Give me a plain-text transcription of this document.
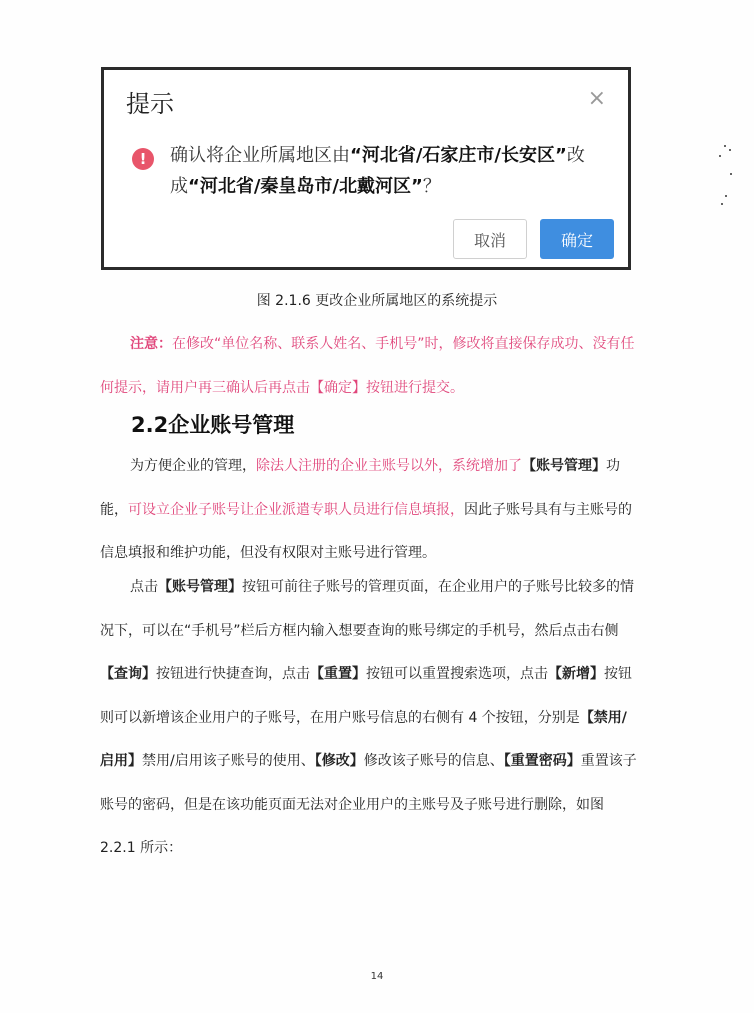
提示	×
!	确认将企业所属地区由“河北省/石家庄市/长安区”改成“河北省/秦皇岛市/北戴河区”？
取消	确定
图 2.1.6 更改企业所属地区的系统提示
注意：在修改“单位名称、联系人姓名、手机号”时，修改将直接保存成功、没有任何提示，请用户再三确认后再点击【确定】按钮进行提交。
2.2企业账号管理
为方便企业的管理，除法人注册的企业主账号以外，系统增加了【账号管理】功能，可设立企业子账号让企业派遣专职人员进行信息填报，因此子账号具有与主账号的信息填报和维护功能，但没有权限对主账号进行管理。
点击【账号管理】按钮可前往子账号的管理页面，在企业用户的子账号比较多的情况下，可以在“手机号”栏后方框内输入想要查询的账号绑定的手机号，然后点击右侧【查询】按钮进行快捷查询，点击【重置】按钮可以重置搜索选项，点击【新增】按钮则可以新增该企业用户的子账号，在用户账号信息的右侧有 4 个按钮，分别是【禁用/启用】禁用/启用该子账号的使用、【修改】修改该子账号的信息、【重置密码】重置该子账号的密码，但是在该功能页面无法对企业用户的主账号及子账号进行删除，如图 2.2.1 所示：
14
